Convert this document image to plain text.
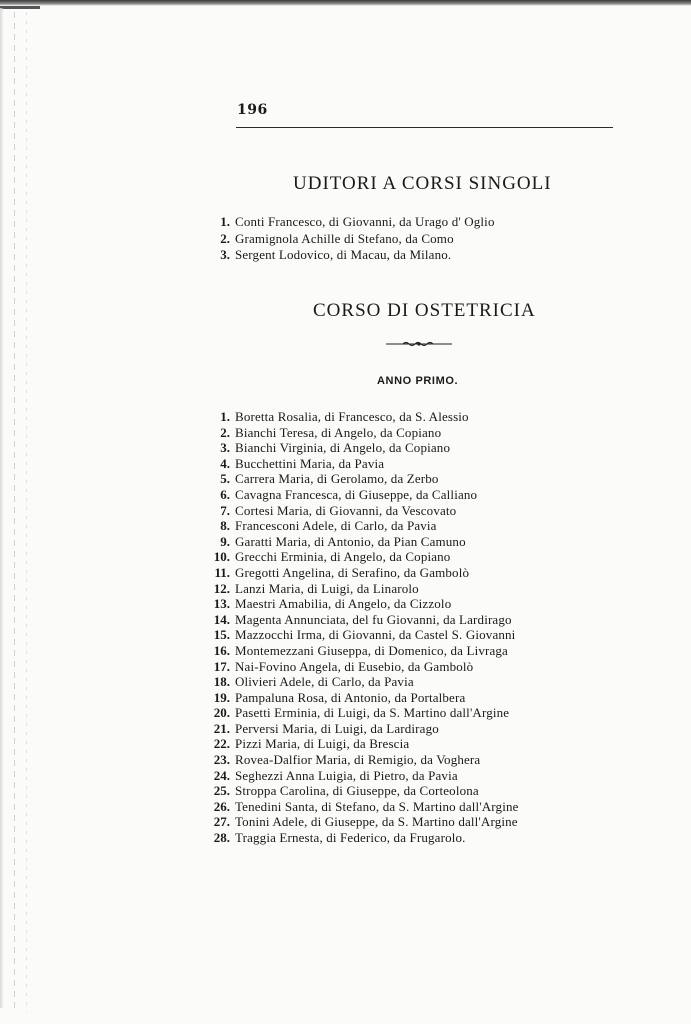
196
UDITORI A CORSI SINGOLI
1. Conti Francesco, di Giovanni, da Urago d' Oglio
2. Gramignola Achille di Stefano, da Como
3. Sergent Lodovico, di Macau, da Milano.
CORSO DI OSTETRICIA
ANNO PRIMO.
1. Boretta Rosalia, di Francesco, da S. Alessio
2. Bianchi Teresa, di Angelo, da Copiano
3. Bianchi Virginia, di Angelo, da Copiano
4. Bucchettini Maria, da Pavia
5. Carrera Maria, di Gerolamo, da Zerbo
6. Cavagna Francesca, di Giuseppe, da Calliano
7. Cortesi Maria, di Giovanni, da Vescovato
8. Francesconi Adele, di Carlo, da Pavia
9. Garatti Maria, di Antonio, da Pian Camuno
10. Grecchi Erminia, di Angelo, da Copiano
11. Gregotti Angelina, di Serafino, da Gambolò
12. Lanzi Maria, di Luigi, da Linarolo
13. Maestri Amabilia, di Angelo, da Cizzolo
14. Magenta Annunciata, del fu Giovanni, da Lardirago
15. Mazzocchi Irma, di Giovanni, da Castel S. Giovanni
16. Montemezzani Giuseppa, di Domenico, da Livraga
17. Nai-Fovino Angela, di Eusebio, da Gambolò
18. Olivieri Adele, di Carlo, da Pavia
19. Pampaluna Rosa, di Antonio, da Portalbera
20. Pasetti Erminia, di Luigi, da S. Martino dall'Argine
21. Perversi Maria, di Luigi, da Lardirago
22. Pizzi Maria, di Luigi, da Brescia
23. Rovea-Dalfior Maria, di Remigio, da Voghera
24. Seghezzi Anna Luigia, di Pietro, da Pavia
25. Stroppa Carolina, di Giuseppe, da Corteolona
26. Tenedini Santa, di Stefano, da S. Martino dall'Argine
27. Tonini Adele, di Giuseppe, da S. Martino dall'Argine
28. Traggia Ernesta, di Federico, da Frugarolo.
